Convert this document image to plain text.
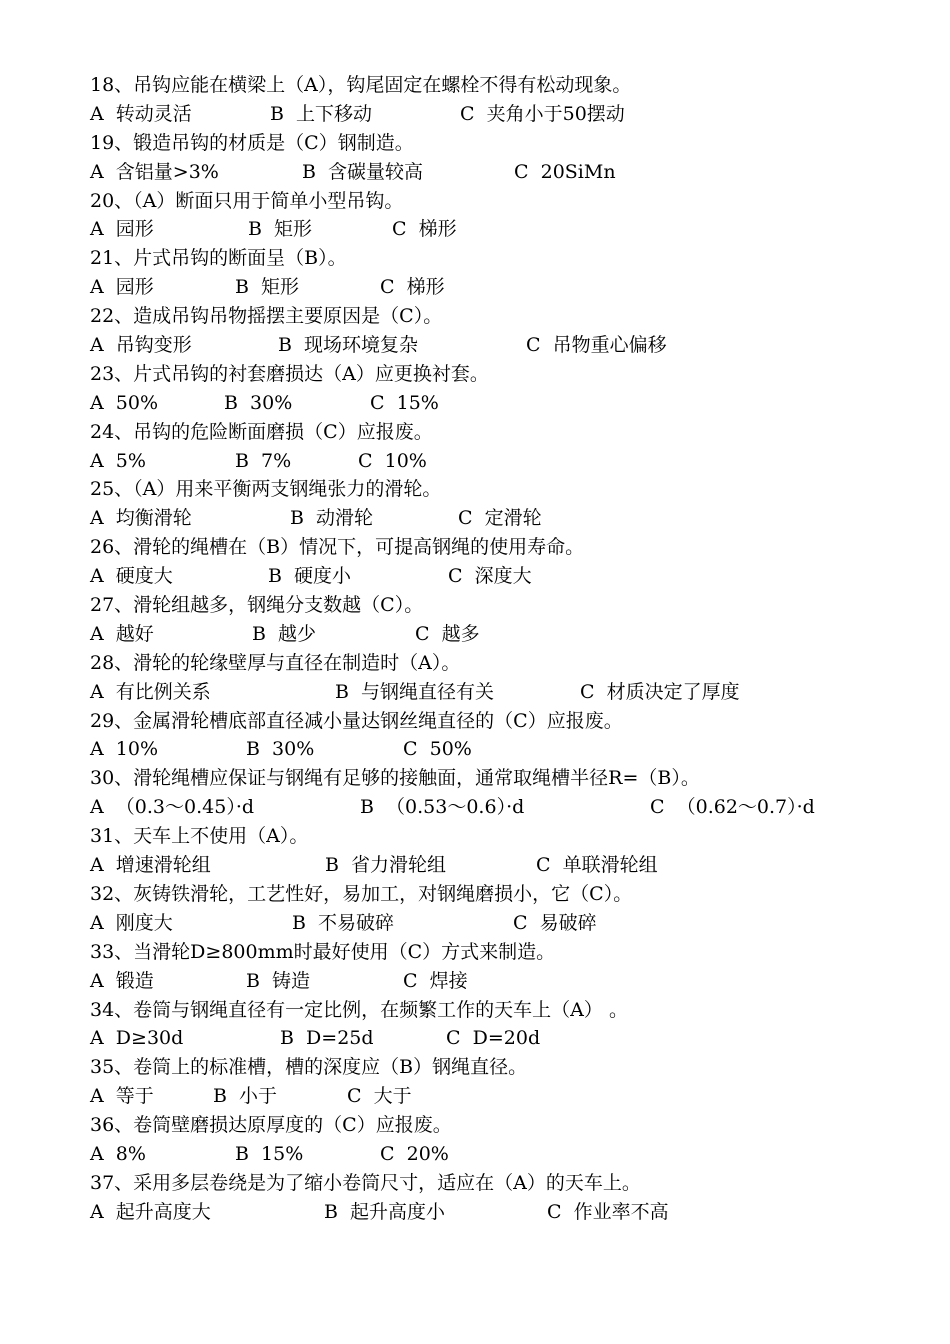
18、吊钩应能在横梁上（A），钩尾固定在螺栓不得有松动现象。
A  转动灵活	B  上下移动	C  夹角小于50摆动
19、锻造吊钩的材质是（C）钢制造。
A  含铝量>3%	B  含碳量较高	C  20SiMn
20、（A）断面只用于简单小型吊钩。
A  园形	B  矩形	C  梯形
21、片式吊钩的断面呈（B）。
A  园形	B  矩形	C  梯形
22、造成吊钩吊物摇摆主要原因是（C）。
A  吊钩变形	B  现场环境复杂	C  吊物重心偏移
23、片式吊钩的衬套磨损达（A）应更换衬套。
A  50%	B  30%	C  15%
24、吊钩的危险断面磨损（C）应报废。
A  5%	B  7%	C  10%
25、（A）用来平衡两支钢绳张力的滑轮。
A  均衡滑轮	B  动滑轮	C  定滑轮
26、滑轮的绳槽在（B）情况下，可提高钢绳的使用寿命。
A  硬度大	B  硬度小	C  深度大
27、滑轮组越多，钢绳分支数越（C）。
A  越好	B  越少	C  越多
28、滑轮的轮缘壁厚与直径在制造时（A）。
A  有比例关系	B  与钢绳直径有关	C  材质决定了厚度
29、金属滑轮槽底部直径减小量达钢丝绳直径的（C）应报废。
A  10%	B  30%	C  50%
30、滑轮绳槽应保证与钢绳有足够的接触面，通常取绳槽半径R=（B）。
A  （0.3～0.45）·d	B  （0.53～0.6）·d	C  （0.62～0.7）·d
31、天车上不使用（A）。
A  增速滑轮组	B  省力滑轮组	C  单联滑轮组
32、灰铸铁滑轮，工艺性好，易加工，对钢绳磨损小，它（C）。
A  刚度大	B  不易破碎	C  易破碎
33、当滑轮D≥800mm时最好使用（C）方式来制造。
A  锻造	B  铸造	C  焊接
34、卷筒与钢绳直径有一定比例，在频繁工作的天车上（A） 。
A  D≥30d	B  D=25d	C  D=20d
35、卷筒上的标准槽，槽的深度应（B）钢绳直径。
A  等于	B  小于	C  大于
36、卷筒壁磨损达原厚度的（C）应报废。
A  8%	B  15%	C  20%
37、采用多层卷绕是为了缩小卷筒尺寸，适应在（A）的天车上。
A  起升高度大	B  起升高度小	C  作业率不高
